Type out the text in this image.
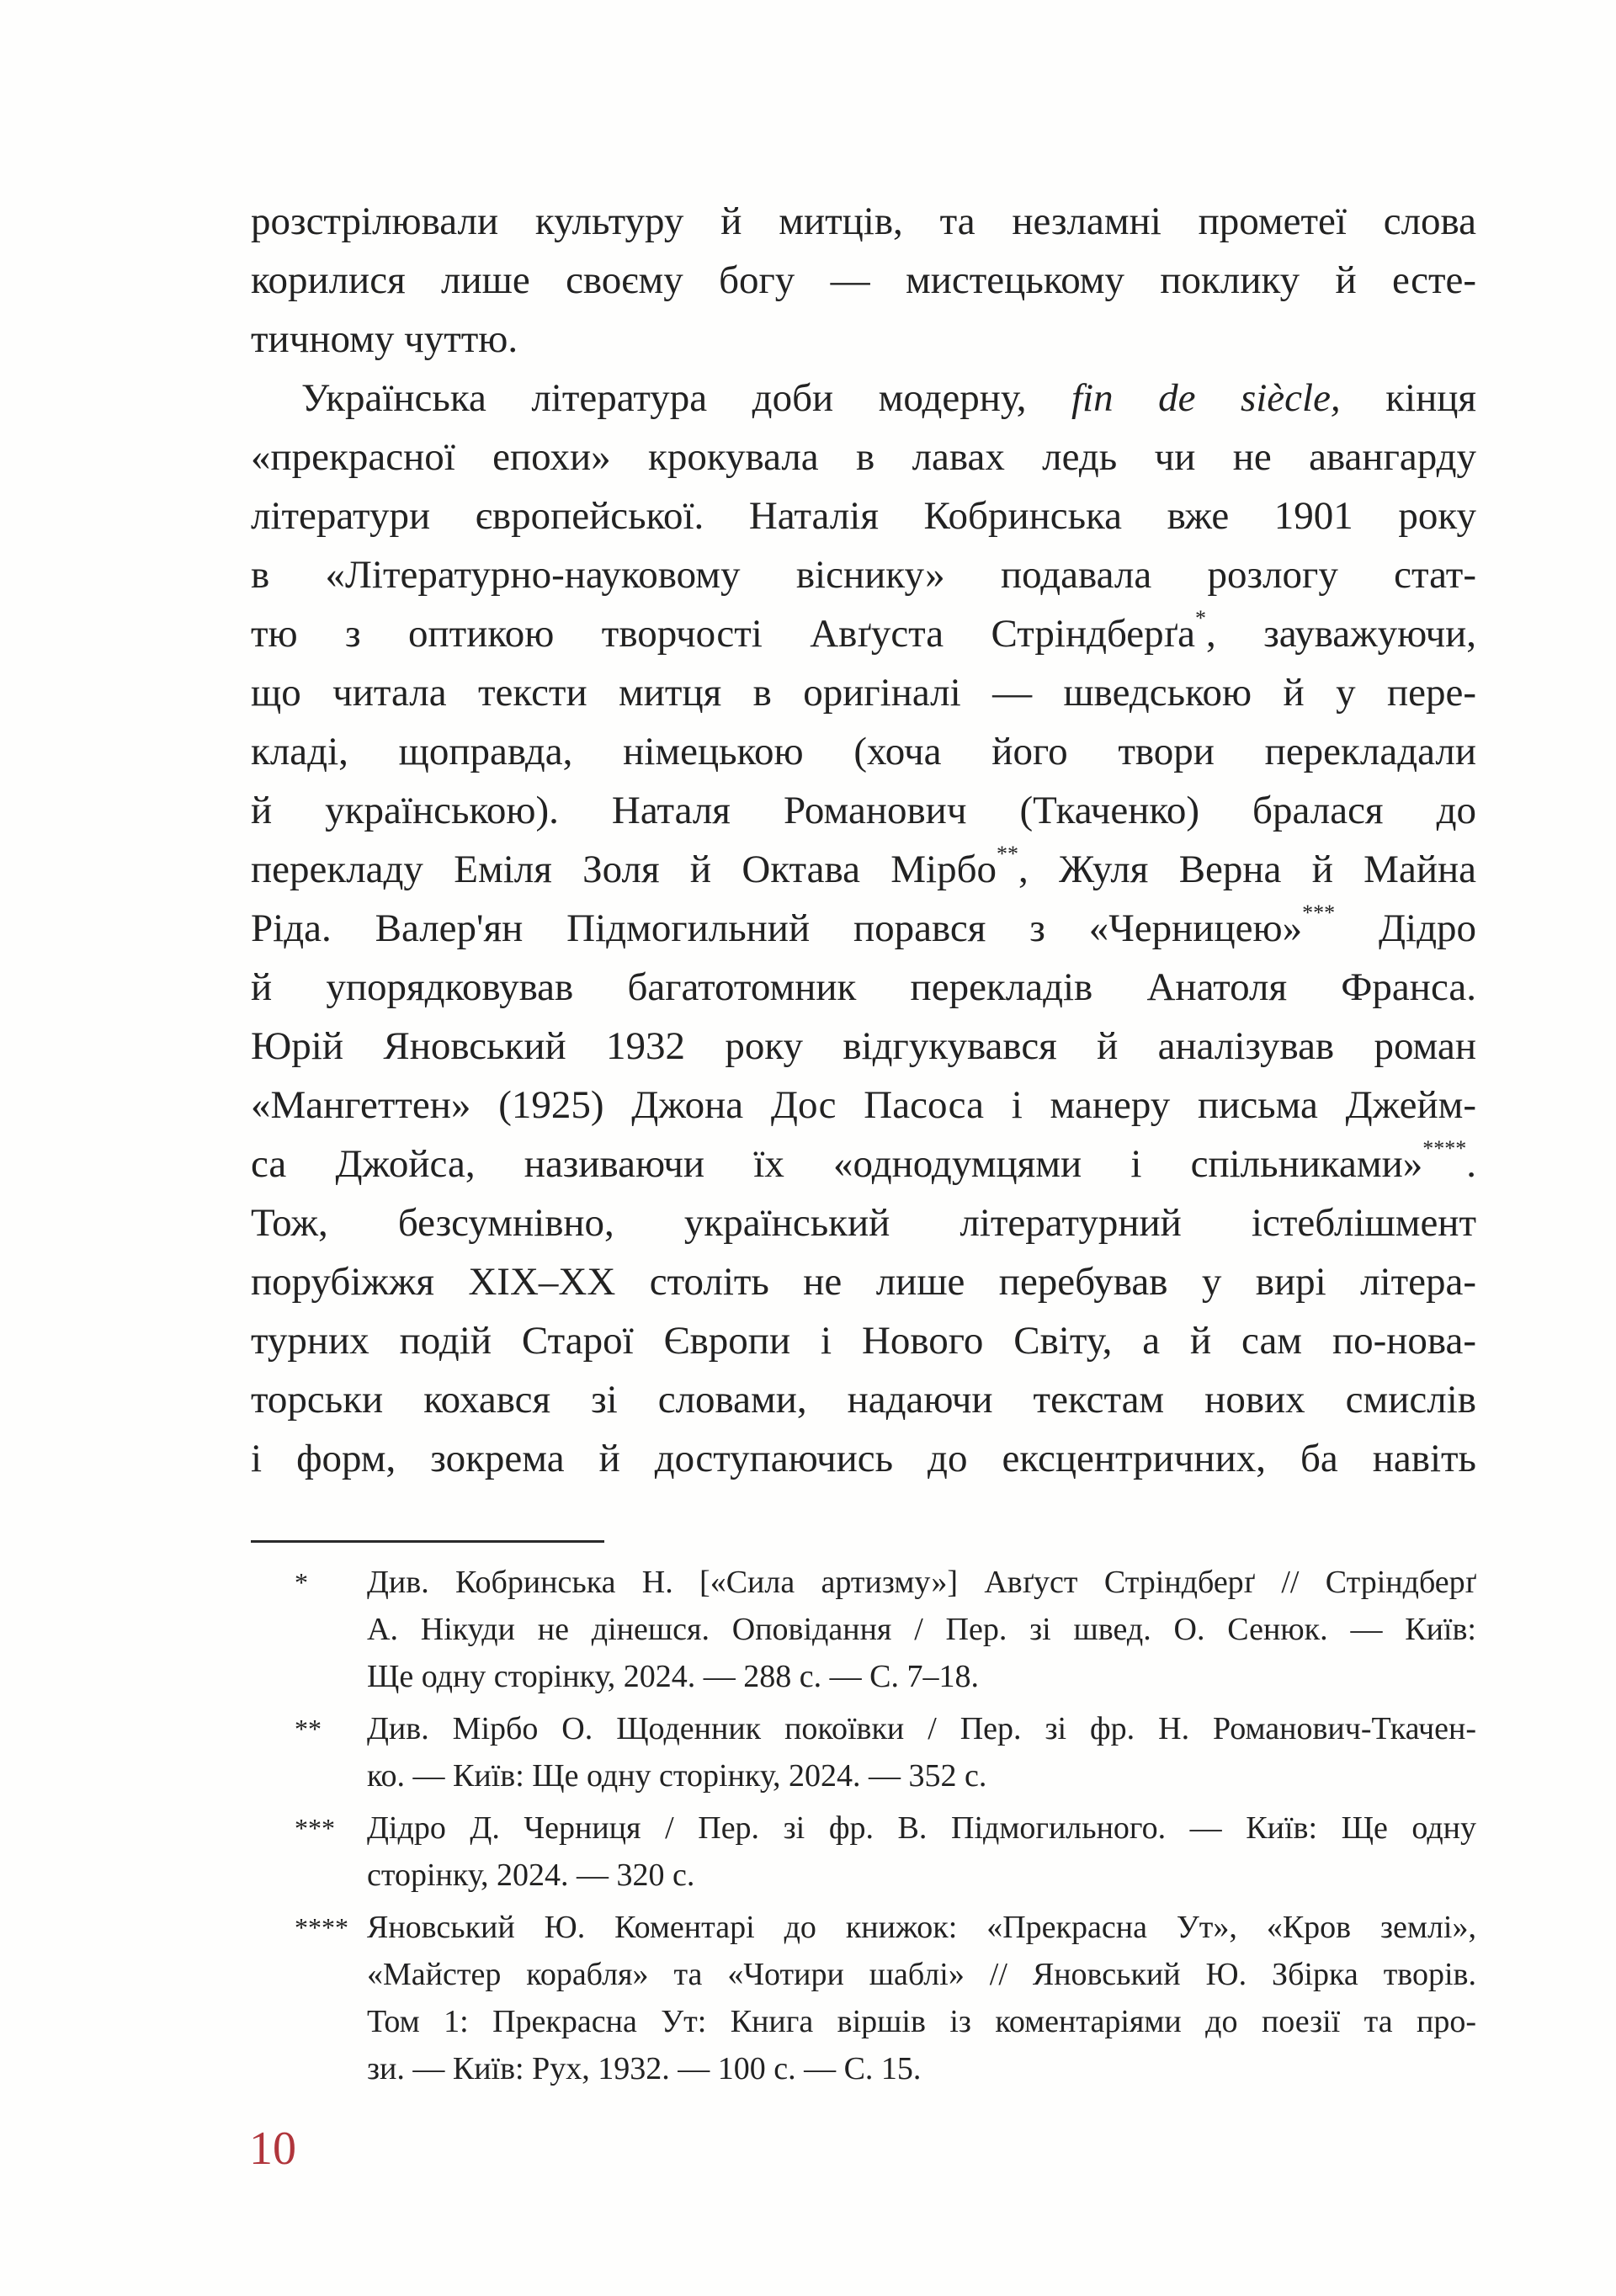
розстрілювали культуру й митців, та незламні прометеї слова
корилися лише своєму богу — мистецькому поклику й есте-
тичному чуттю.
Українська література доби модерну, fin de siècle, кінця
«прекрасної епохи» крокувала в лавах ледь чи не авангарду
літератури європейської. Наталія Кобринська вже 1901 року
в «Літературно-науковому віснику» подавала розлогу стат-
тю з оптикою творчості Авґуста Стріндберґа*, зауважуючи,
що читала тексти митця в оригіналі — шведською й у пере-
кладі, щоправда, німецькою (хоча його твори перекладали
й українською). Наталя Романович (Ткаченко) бралася до
перекладу Еміля Золя й Октава Мірбо**, Жуля Верна й Майна
Ріда. Валер'ян Підмогильний порався з «Черницею»*** Дідро
й упорядковував багатотомник перекладів Анатоля Франса.
Юрій Яновський 1932 року відгукувався й аналізував роман
«Мангеттен» (1925) Джона Дос Пасоса і манеру письма Джейм-
са Джойса, називаючи їх «однодумцями і спільниками»****.
Тож, безсумнівно, український літературний істеблішмент
порубіжжя XIX–XX століть не лише перебував у вирі літера-
турних подій Старої Європи і Нового Світу, а й сам по-нова-
торськи кохався зі словами, надаючи текстам нових смислів
і форм, зокрема й доступаючись до ексцентричних, ба навіть
* Див. Кобринська Н. [«Сила артизму»] Авґуст Стріндберґ // Стріндберґ
А. Нікуди не дінешся. Оповідання / Пер. зі швед. О. Сенюк. — Київ:
Ще одну сторінку, 2024. — 288 с. — С. 7–18.
** Див. Мірбо О. Щоденник покоївки / Пер. зі фр. Н. Романович-Ткачен-
ко. — Київ: Ще одну сторінку, 2024. — 352 с.
*** Дідро Д. Черниця / Пер. зі фр. В. Підмогильного. — Київ: Ще одну
сторінку, 2024. — 320 с.
**** Яновський Ю. Коментарі до книжок: «Прекрасна Ут», «Кров землі»,
«Майстер корабля» та «Чотири шаблі» // Яновський Ю. Збірка творів.
Том 1: Прекрасна Ут: Книга віршів із коментаріями до поезії та про-
зи. — Київ: Рух, 1932. — 100 с. — С. 15.
10
